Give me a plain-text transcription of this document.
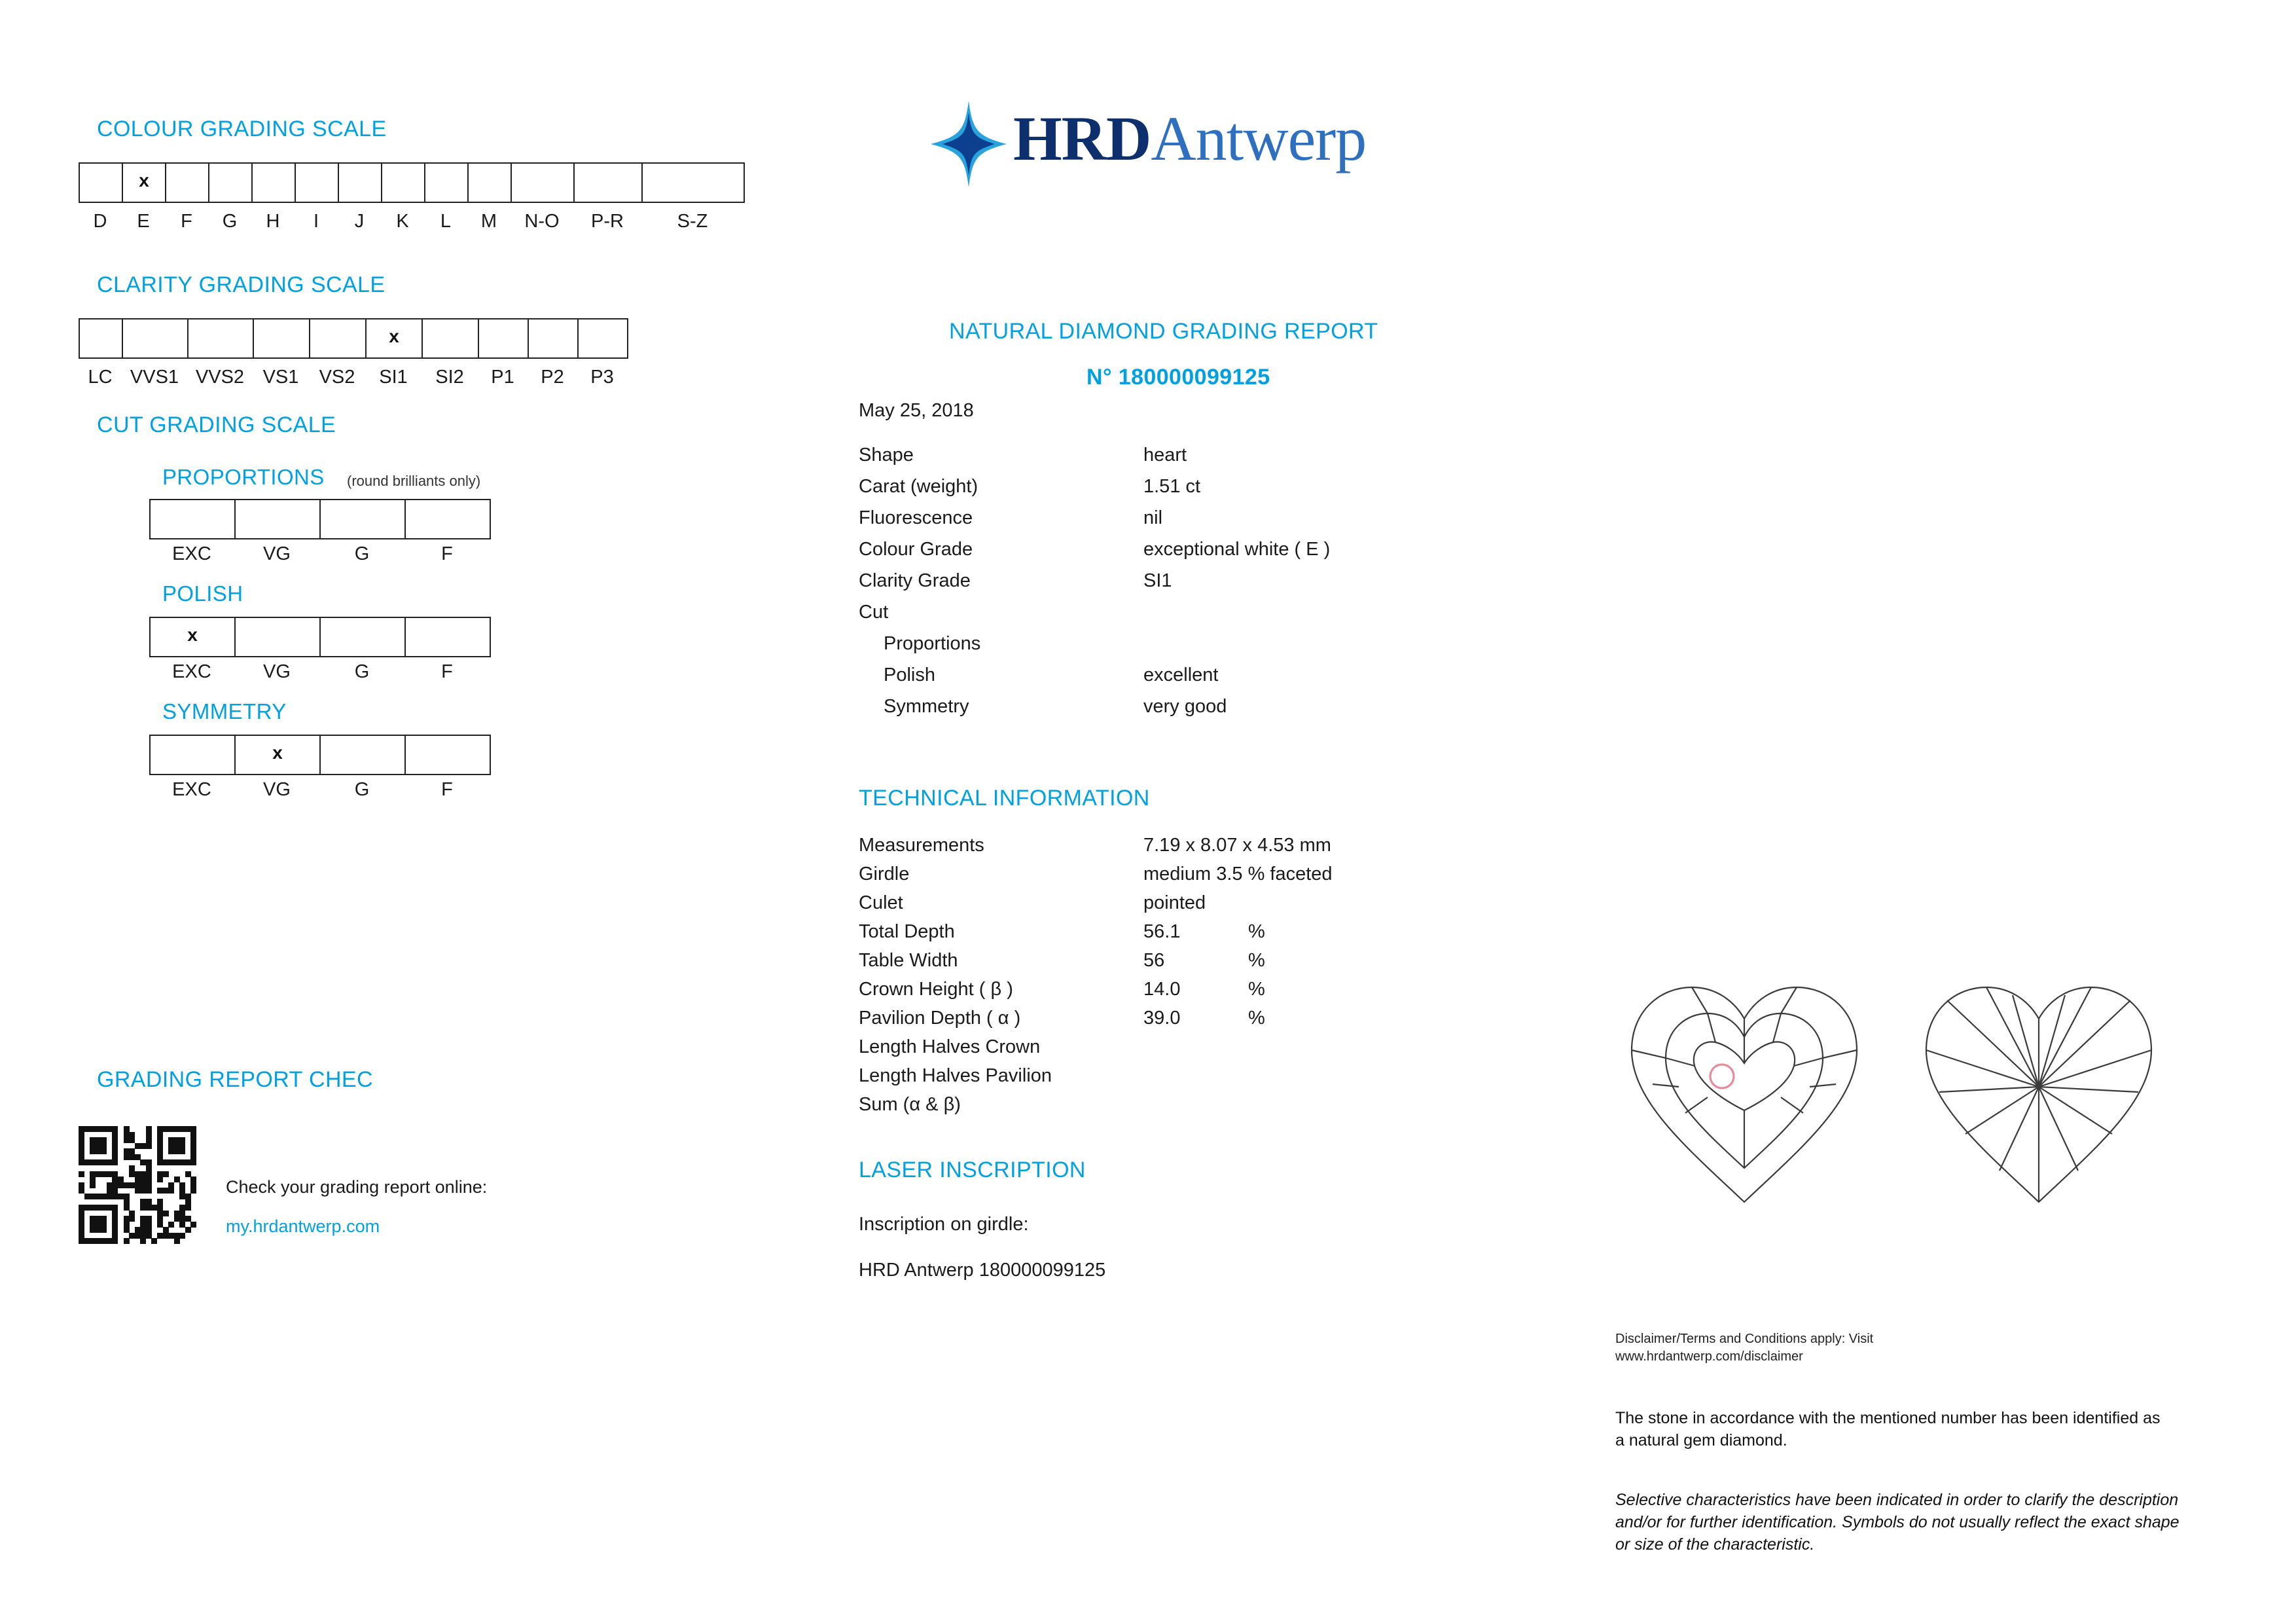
HRDAntwerp
COLOUR GRADING SCALE
x
D	E	F	G	H	I	J	K	L	M	N-O	P-R	S-Z
CLARITY GRADING SCALE
x
LC VVS1 VVS2 VS1	VS2	SI1	SI2	P1	P2	P3
CUT GRADING SCALE
PROPORTIONS (round brilliants only)
EXC	VG	G	F
POLISH
x
EXC	VG	G	F
SYMMETRY
x
EXC	VG	G	F
GRADING REPORT CHEC
Check your grading report online:
my.hrdantwerp.com
NATURAL DIAMOND GRADING REPORT
N° 180000099125
May 25, 2018
Shape	heart
Carat (weight)	1.51 ct
Fluorescence	nil
Colour Grade	exceptional white ( E )
Clarity Grade	SI1
Cut
Proportions
Polish	excellent
Symmetry	very good
TECHNICAL INFORMATION
Measurements	7.19 x 8.07 x 4.53 mm
Girdle	medium 3.5 % faceted
Culet	pointed
Total Depth	56.1	%
Table Width	56	%
Crown Height ( β )	14.0	%
Pavilion Depth ( α )	39.0	%
Length Halves Crown
Length Halves Pavilion
Sum (α & β)
LASER INSCRIPTION
Inscription on girdle:
HRD Antwerp 180000099125
Disclaimer/Terms and Conditions apply: Visit
www.hrdantwerp.com/disclaimer
The stone in accordance with the mentioned number has been identified as a natural gem diamond.
Selective characteristics have been indicated in order to clarify the description and/or for further identification. Symbols do not usually reflect the exact shape or size of the characteristic.
